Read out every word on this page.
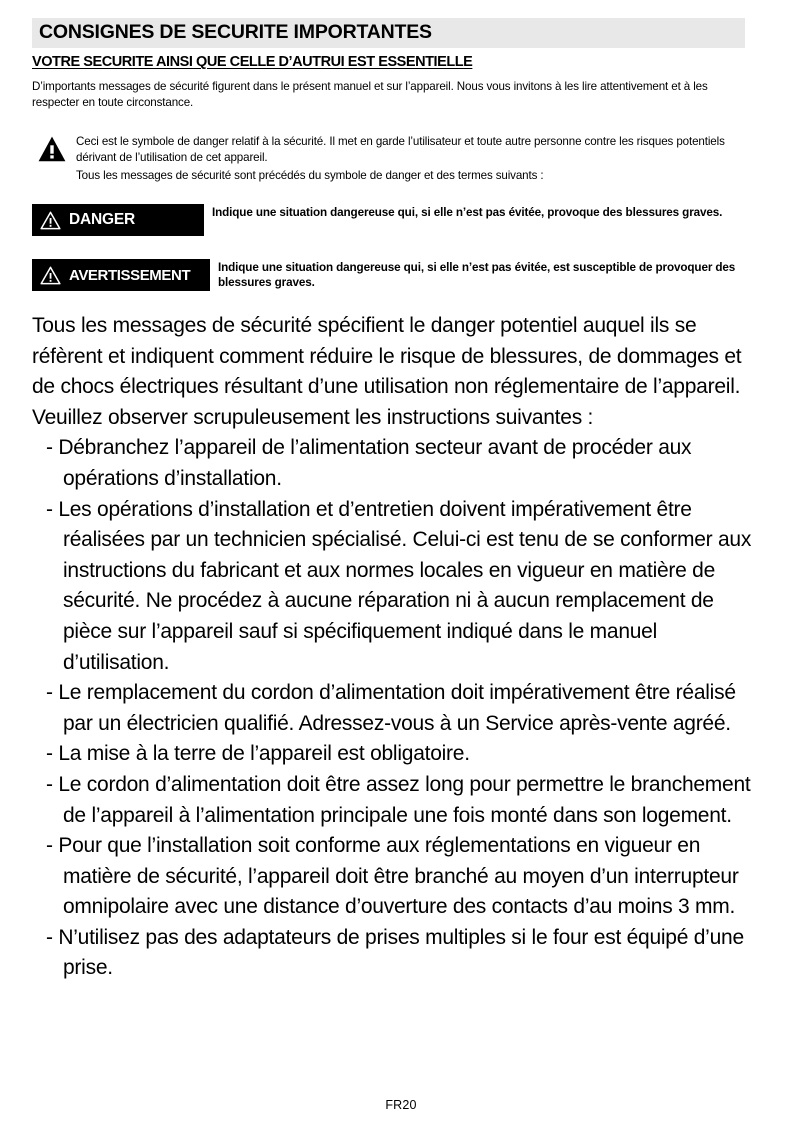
CONSIGNES DE SECURITE IMPORTANTES
VOTRE SECURITE AINSI QUE CELLE D’AUTRUI EST ESSENTIELLE
D’importants messages de sécurité figurent dans le présent manuel et sur l’appareil. Nous vous invitons à les lire attentivement et à les respecter en toute circonstance.

Ceci est le symbole de danger relatif à la sécurité. Il met en garde l’utilisateur et toute autre personne contre les risques potentiels dérivant de l’utilisation de cet appareil.

Tous les messages de sécurité sont précédés du symbole de danger et des termes suivants :

DANGER	Indique une situation dangereuse qui, si elle n’est pas évitée, provoque des blessures graves.
AVERTISSEMENT	Indique une situation dangereuse qui, si elle n’est pas évitée, est susceptible de provoquer des blessures graves.

Tous les messages de sécurité spécifient le danger potentiel auquel ils se réfèrent et indiquent comment réduire le risque de blessures, de dommages et de chocs électriques résultant d’une utilisation non réglementaire de l’appareil. Veuillez observer scrupuleusement les instructions suivantes :

- Débranchez l’appareil de l’alimentation secteur avant de procéder aux opérations d’installation.
- Les opérations d’installation et d’entretien doivent impérativement être réalisées par un technicien spécialisé. Celui-ci est tenu de se conformer aux instructions du fabricant et aux normes locales en vigueur en matière de sécurité. Ne procédez à aucune réparation ni à aucun remplacement de pièce sur l’appareil sauf si spécifiquement indiqué dans le manuel d’utilisation.
- Le remplacement du cordon d’alimentation doit impérativement être réalisé par un électricien qualifié. Adressez-vous à un Service après-vente agréé.
- La mise à la terre de l’appareil est obligatoire.
- Le cordon d’alimentation doit être assez long pour permettre le branchement de l’appareil à l’alimentation principale une fois monté dans son logement.
- Pour que l’installation soit conforme aux réglementations en vigueur en matière de sécurité, l’appareil doit être branché au moyen d’un interrupteur omnipolaire avec une distance d’ouverture des contacts d’au moins 3 mm.
- N’utilisez pas des adaptateurs de prises multiples si le four est équipé d’une prise.
FR20
